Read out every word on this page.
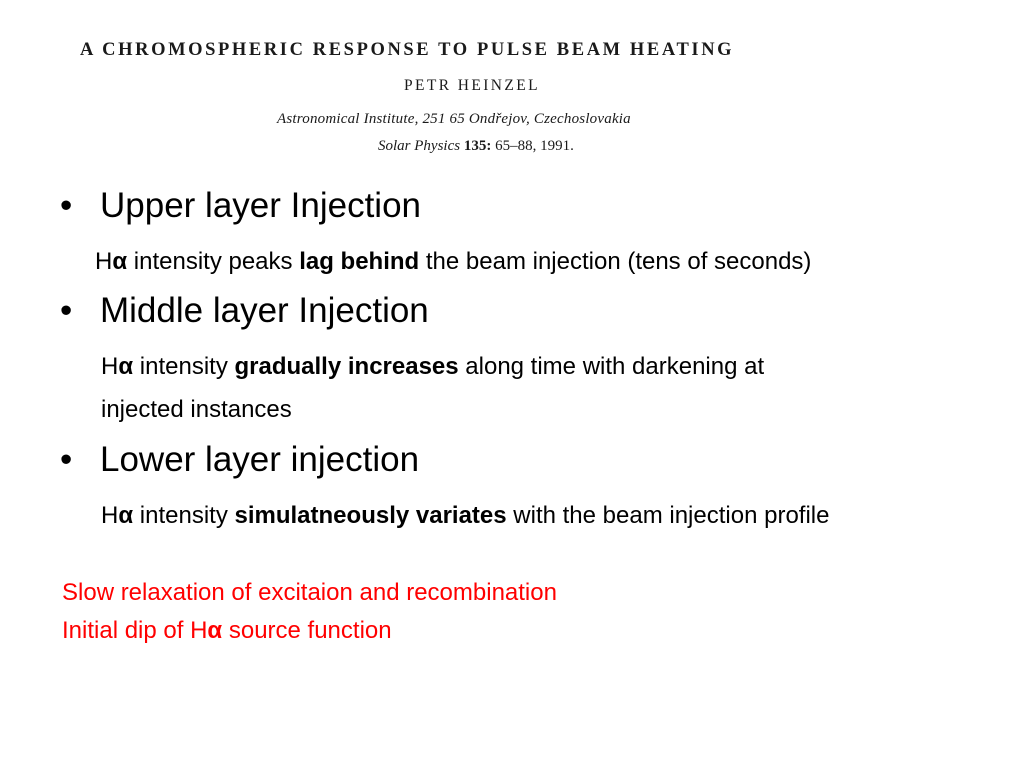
A CHROMOSPHERIC RESPONSE TO PULSE BEAM HEATING
PETR HEINZEL
Astronomical Institute, 251 65 Ondřejov, Czechoslovakia
Solar Physics 135: 65–88, 1991.
• Upper layer Injection
Hα intensity peaks lag behind the beam injection (tens of seconds)
• Middle layer Injection
Hα intensity gradually increases along time with darkening at
injected instances
• Lower layer injection
Hα intensity simulatneously variates with the beam injection profile
Slow relaxation of excitaion and recombination
Initial dip of Hα source function
